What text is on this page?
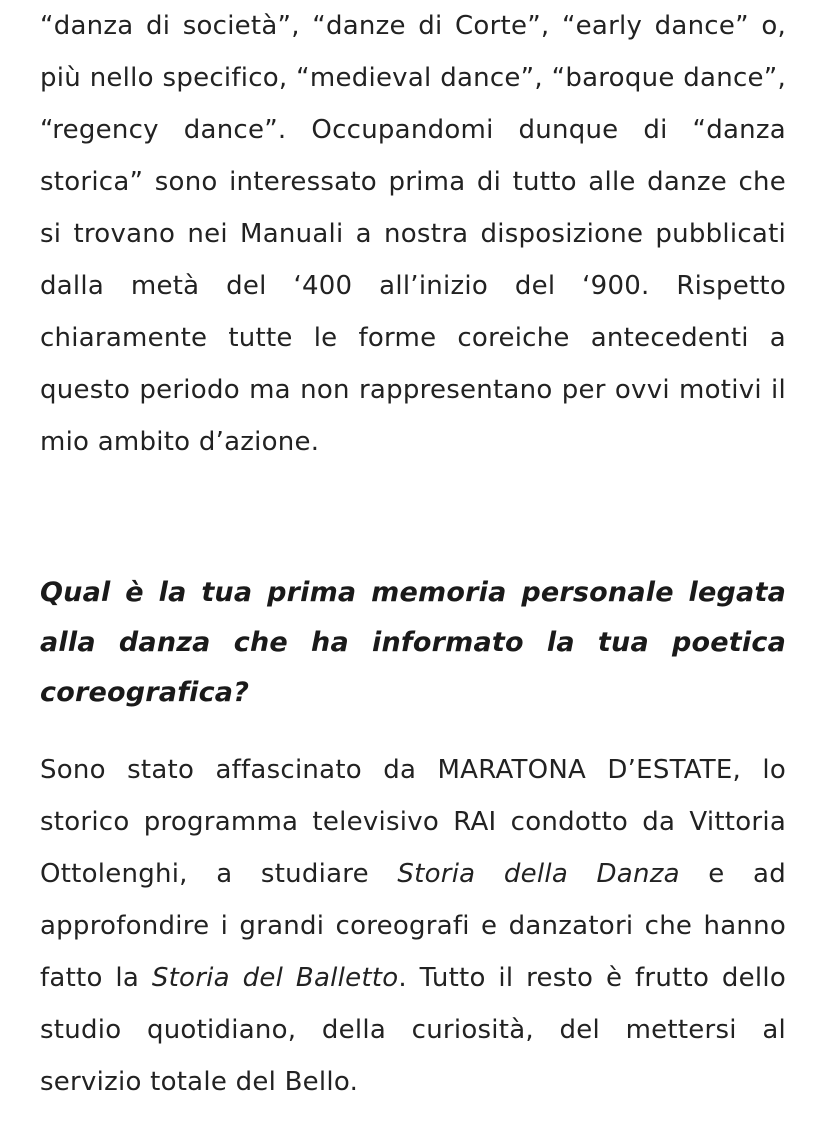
“danza di società”, “danze di Corte”, “early dance” o, più nello specifico, “medieval dance”, “baroque dance”, “regency dance”. Occupandomi dunque di “danza storica” sono interessato prima di tutto alle danze che si trovano nei Manuali a nostra disposizione pubblicati dalla metà del ‘400 all’inizio del ‘900. Rispetto chiaramente tutte le forme coreiche antecedenti a questo periodo ma non rappresentano per ovvi motivi il mio ambito d’azione.

Qual è la tua prima memoria personale legata alla danza che ha informato la tua poetica coreografica?

Sono stato affascinato da MARATONA D’ESTATE, lo storico programma televisivo RAI condotto da Vittoria Ottolenghi, a studiare Storia della Danza e ad approfondire i grandi coreografi e danzatori che hanno fatto la Storia del Balletto. Tutto il resto è frutto dello studio quotidiano, della curiosità, del mettersi al servizio totale del Bello.
